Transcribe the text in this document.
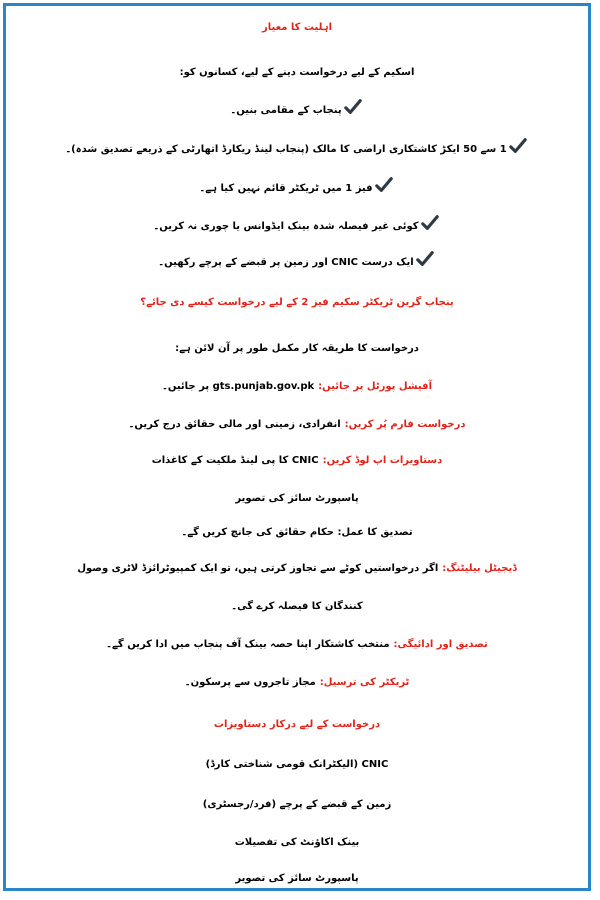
اہلیت کا معیار
اسکیم کے لیے درخواست دینے کے لیے، کسانوں کو:
پنجاب کے مقامی بنیں۔
1 سے 50 ایکڑ کاشتکاری اراضی کا مالک (پنجاب لینڈ ریکارڈ اتھارٹی کے ذریعے تصدیق شدہ)۔
فیز 1 میں ٹریکٹر قائم نہیں کیا ہے۔
کوئی غیر فیصلہ شدہ بینک ایڈوانس یا چوری نہ کریں۔
ایک درست CNIC اور زمین پر قبضے کے پرچے رکھیں۔
پنجاب گرین ٹریکٹر سکیم فیز 2 کے لیے درخواست کیسے دی جائے؟
درخواست کا طریقہ کار مکمل طور پر آن لائن ہے:
آفیشل پورٹل پر جائیں:gts.punjab.gov.pk پر جائیں۔
درخواست فارم پُر کریں:انفرادی، زمینی اور مالی حقائق درج کریں۔
دستاویزات اپ لوڈ کریں:CNIC کا پی لینڈ ملکیت کے کاغذات
پاسپورٹ سائز کی تصویر
تصدیق کا عمل: حکام حقائق کی جانچ کریں گے۔
ڈیجیٹل بیلیٹنگ:اگر درخواستیں کوٹے سے تجاوز کرتی ہیں، تو ایک کمپیوٹرائزڈ لاٹری وصول
کنندگان کا فیصلہ کرے گی۔
تصدیق اور ادائیگی:منتخب کاشتکار اپنا حصہ بینک آف پنجاب میں ادا کریں گے۔
ٹریکٹر کی ترسیل:مجاز تاجروں سے پرسکون۔
درخواست کے لیے درکار دستاویزات
CNIC (الیکٹرانک قومی شناختی کارڈ)
زمین کے قبضے کے پرچے (فرد/رجسٹری)
بینک اکاؤنٹ کی تفصیلات
پاسپورٹ سائز کی تصویر
